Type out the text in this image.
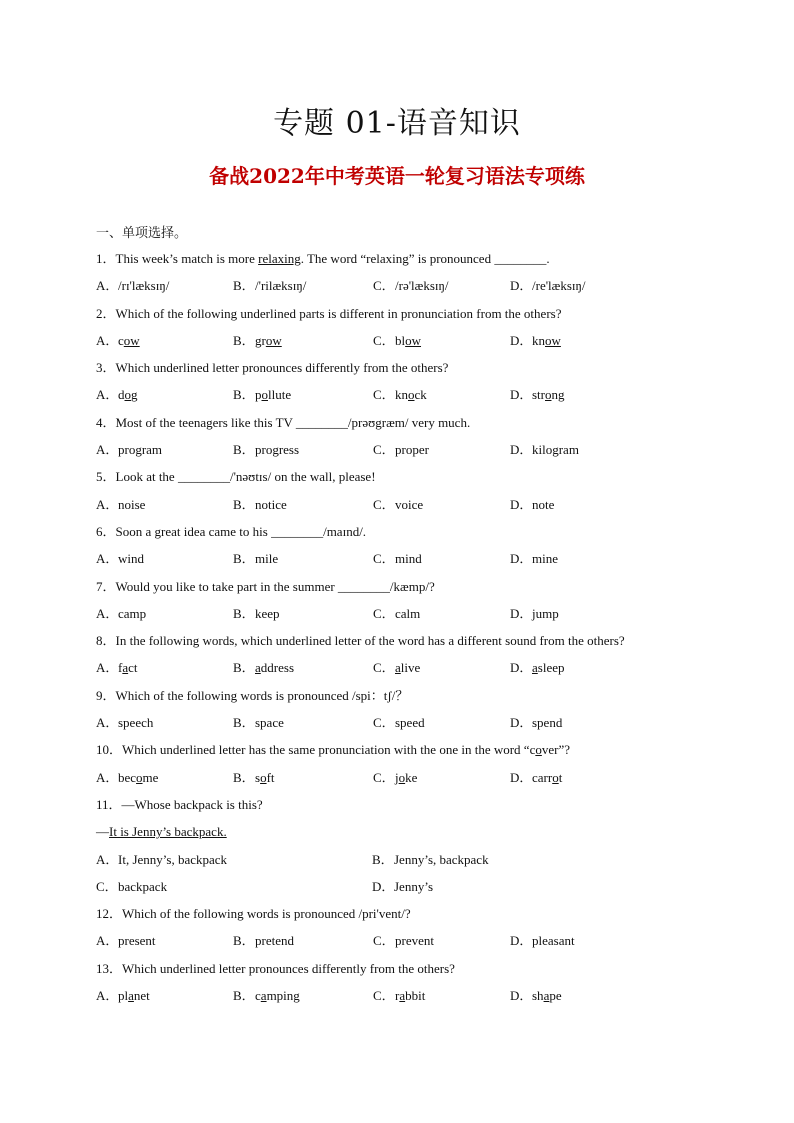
专题 01-语音知识
备战2022年中考英语一轮复习语法专项练
一、单项选择。
1．This week’s match is more relaxing. The word “relaxing” is pronounced ________.
A．/rɪ'læksɪŋ/	B．/'rilæksɪŋ/	C．/rə'læksɪŋ/	D．/re'læksɪŋ/
2．Which of the following underlined parts is different in pronunciation from the others?
A．cow	B．grow	C．blow	D．know
3．Which underlined letter pronounces differently from the others?
A．dog	B．pollute	C．knock	D．strong
4．Most of the teenagers like this TV ________/prəʊgræm/ very much.
A．program	B．progress	C．proper	D．kilogram
5．Look at the ________/'nəʊtɪs/ on the wall, please!
A．noise	B．notice	C．voice	D．note
6．Soon a great idea came to his ________/maɪnd/.
A．wind	B．mile	C．mind	D．mine
7．Would you like to take part in the summer ________/kæmp/?
A．camp	B．keep	C．calm	D．jump
8．In the following words, which underlined letter of the word has a different sound from the others?
A．fact	B．address	C．alive	D．asleep
9．Which of the following words is pronounced /spi：tʃ/？
A．speech	B．space	C．speed	D．spend
10．Which underlined letter has the same pronunciation with the one in the word “cover”?
A．become	B．soft	C．joke	D．carrot
11．—Whose backpack is this?
—It is Jenny’s backpack.
A．It, Jenny’s, backpack	B．Jenny’s, backpack
C．backpack	D．Jenny’s
12．Which of the following words is pronounced /pri'vent/?
A．present	B．pretend	C．prevent	D．pleasant
13．Which underlined letter pronounces differently from the others?
A．planet	B．camping	C．rabbit	D．shape
